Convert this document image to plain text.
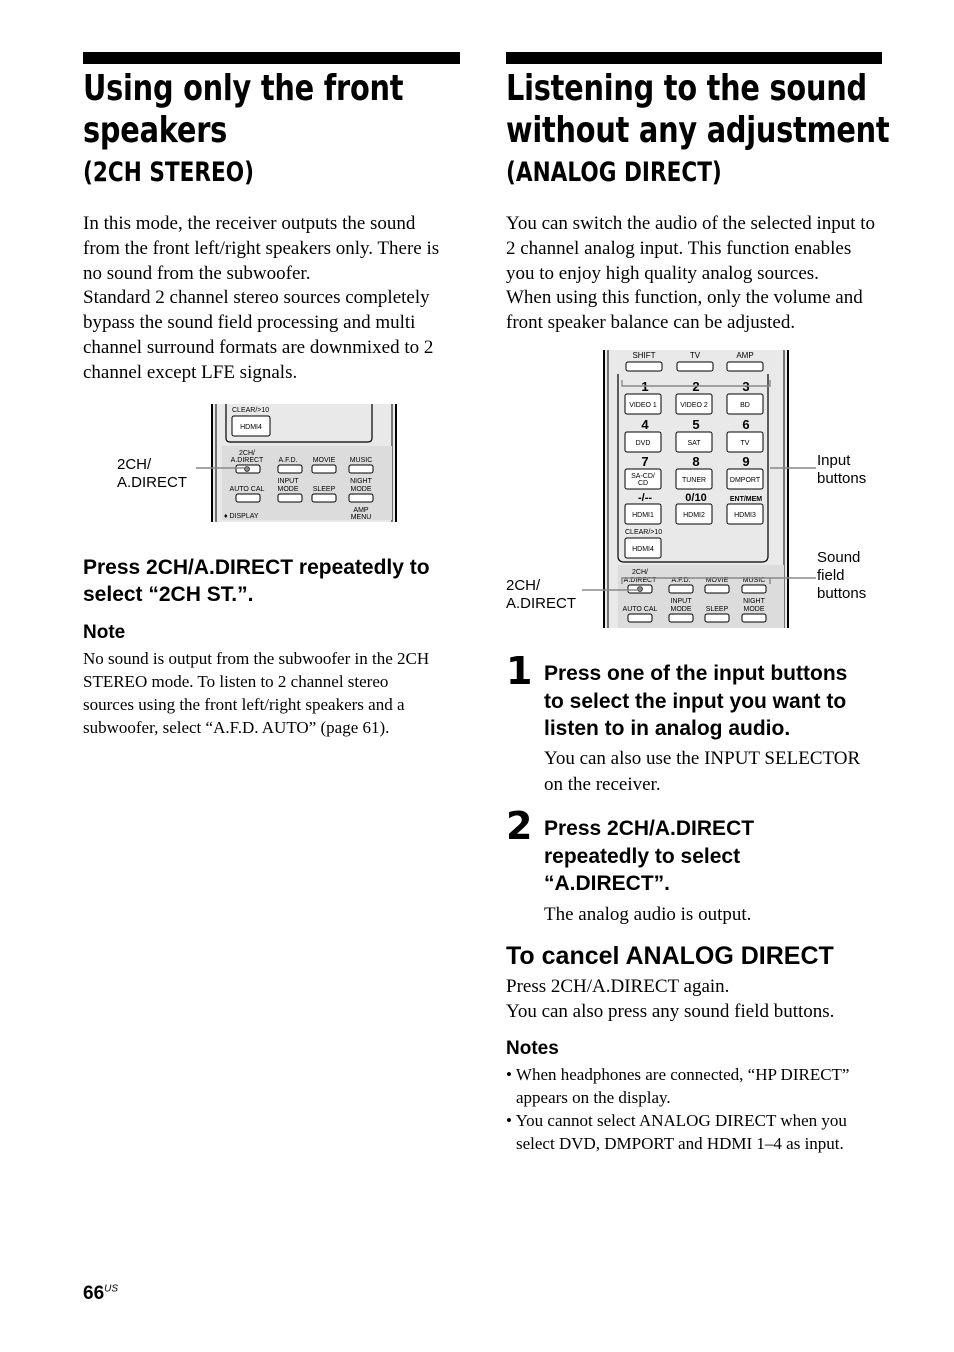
Using only the front
speakers
(2CH STEREO)
In this mode, the receiver outputs the sound
from the front left/right speakers only. There is
no sound from the subwoofer.
Standard 2 channel stereo sources completely
bypass the sound field processing and multi
channel surround formats are downmixed to 2
channel except LFE signals.
2CH/
A.DIRECT
CLEAR/>10
HDMI4
2CH/
A.DIRECT A.F.D. MOVIE MUSIC
AUTO CAL
INPUT
MODE SLEEP
NIGHT
MODE
♦ DISPLAY
AMP
MENU
Press 2CH/A.DIRECT repeatedly to
select “2CH ST.”.
Note
No sound is output from the subwoofer in the 2CH
STEREO mode. To listen to 2 channel stereo
sources using the front left/right speakers and a
subwoofer, select “A.F.D. AUTO” (page 61).
Listening to the sound
without any adjustment
(ANALOG DIRECT)
You can switch the audio of the selected input to
2 channel analog input. This function enables
you to enjoy high quality analog sources.
When using this function, only the volume and
front speaker balance can be adjusted.
SHIFT	TV	AMP
1	2	3
VIDEO 1	VIDEO 2	BD
4	5	6
DVD	SAT	TV
7	8	9
SA-CD/
CD	TUNER	DMPORT
-/--	0/10	ENT/MEM
HDMI1	HDMI2	HDMI3
CLEAR/>10
HDMI4
2CH/
A.DIRECT A.F.D. MOVIE MUSIC
AUTO CAL
INPUT
MODE SLEEP
NIGHT
MODE
Input
buttons
Sound
field
buttons
2CH/
A.DIRECT
1 Press one of the input buttons
to select the input you want to
listen to in analog audio.
You can also use the INPUT SELECTOR
on the receiver.
2 Press 2CH/A.DIRECT
repeatedly to select
“A.DIRECT”.
The analog audio is output.
To cancel ANALOG DIRECT
Press 2CH/A.DIRECT again.
You can also press any sound field buttons.
Notes
• When headphones are connected, “HP DIRECT”
appears on the display.
• You cannot select ANALOG DIRECT when you
select DVD, DMPORT and HDMI 1–4 as input.
$66^{US}$
